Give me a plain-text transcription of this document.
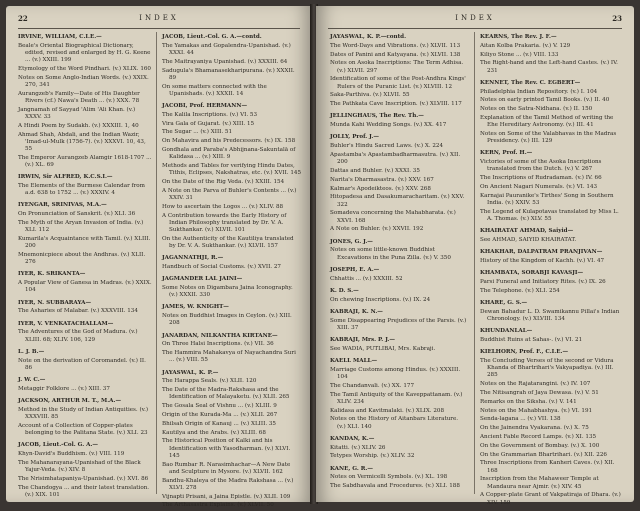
22	INDEX
IRVINE, WILLIAM, C.I.E.—
Beale's Oriental Biographical Dictionary, edited, revised and enlarged by H. G. Keene ... (v.) XXIII. 199
Etymology of the Word Pindhari. (v.) XLIX. 160
Notes on Some Anglo-Indian Words. (v.) XXIX. 270, 341
Aurangzeb's Family—Date of His Daughter Rivers (cf.) Nawa's Death ... (v.) XXX. 78
Jangnamah of Sayyad 'Alim 'Ali Khan. (v.) XXXV. 33
A Hindi Poem by Sudakh. (v.) XXXIII. 1, 40
Ahmad Shah, Abdali, and the Indian Wazir, 'Imad-ul-Mulk (1756-7). (v.) XXXVI. 10, 43, 55
The Emperor Aurangzeb Alamgir 1618-1707 ... (v.) XL. 69
IRWIN, Sir ALFRED, K.C.S.I.—
The Elements of the Burmese Calendar from a.d. 638 to 1752 ... (v.) XXXIV. 4
IYENGAR, SRINIVAS, M.A.—
On Pronunciation of Sanskrit. (v.) XLI. 36
The Myth of the Aryan Invasion of India. (v.) XLI. 112
Kumarila's Acquaintance with Tamil. (v.) XLIII. 200
Mnemonicpiece about the Andhras. (v.) XLII. 276
IYER, K. SRIKANTA—
A Popular View of Ganesa in Madras. (v.) XXIX. 104
IYER, N. SUBBARAYA—
The Asharies of Malabar. (v.) XXXVIII. 134
IYER, V. VENKATACHALLAM—
The Adventures of the God of Madura. (v.) XLIII. 68; XLIV. 106, 129
L. J. B.—
Note on the derivation of Coromandel. (v.) II. 86
J. W. C.—
Metaggir Folklore ... (v.) XIII. 37
JACKSON, ARTHUR M. T., M.A.—
Method in the Study of Indian Antiquities. (v.) XXXVIII. 85
Account of a Collection of Copper-plates belonging to the Palitana State. (v.) XLI. 23
JACOB, Lieut.-Col. G. A.—
Khyn-David's Buddhism. (v.) VIII. 119
The Mahanarayana-Upanishad of the Black Yajur-Veda. (v.) XIV. 8
The Nrisimhatapaniya-Upanishad. (v.) XVI. 86
The Chandogya ... and their latest translation. (v.) XIX. 101
JACOB, Lieut.-Col. G. A.—contd.
The Yamakas and Gopalendra-Upanishad. (v.) XXXI. 44
The Maitrayaniya Upanishad. (v.) XXXIII. 64
Sadugula's Bhamanasekharipurana. (v.) XXXII. 89
On some matters connected with the Upanishads. (v.) XXXII. 14
JACOBI, Prof. HERMANN—
The Kalila Inscriptions. (v.) VI. 53
Vira Gala of Gujarat. (v.) XIII. 15
The Sugar ... (v.) XIII. 51
On Mahavira and his Predecessors. (v.) IX. 158
Gondhala and Paraba's Abhijnana-Sakuntalā of Kalidasa ... (v.) XIII. 9
Methods and Tables for verifying Hindu Dates, Tithis, Eclipses, Nakshatras, etc. (v.) XVII. 145
On the Date of the Rig Veda. (v.) XXIII. 154
A Note on the Parva of Buhler's Contents ... (v.) XXIV. 31
How to ascertain the Logos ... (v.) XLIV. 88
A Contribution towards the Early History of Indian Philosophy translated by Dr. V. A. Sukthankar. (v.) XLVII. 101
On the Authenticity of the Kautiliya translated by Dr. V. A. Sukthankar. (v.) XLVII. 157
JAGANNATHJI, R.—
Handbuch of Social Customs. (v.) XVII. 27
JAGMANDER LAL JAINI—
Some Notes on Digambara Jaina Iconography. (v.) XXXII. 330
JAMES, W. KNIGHT—
Notes on Buddhist Images in Ceylon. (v.) XIII. 208
JANARDAN, NILKANTHA KIRTANE—
On Three Halsi Inscriptions. (v.) VII. 36
The Hammira Mahakavya of Nayachandra Suri ... (v.) VIII. 55
JAYASWAL, K. P.—
The Harappa Seals. (v.) XLII. 120
The Date of the Madra-Rakshasa and the Identification of Malayaketu. (v.) XLII. 265
The Gosala Seal of Vishnu ... (v.) XLIII. 9
Origin of the Kurada-Ma ... (v.) XLII. 267
Bhilsah Origin of Kanauj ... (v.) XLIII. 35
Kautilya and the Arabs. (v.) XLIII. 68
The Historical Position of Kalki and his Identification with Yasodharman. (v.) XLVI. 145
Bao Rumbar R. Narasimhachar—A New Date and Sculpture in Mysore. (v.) XLVII. 162
Bandhu-Khaleya of the Madra Rakshasa ... (v.) XLVI. 278
Vijnapti Prisani, a Jaina Epistle. (v.) XLII. 109
The Arthasastra Explains. (v.) XLVII. 50
INDEX	23
JAYASWAL, K. P.—contd.
The Word-Days and Vibrations. (v.) XLVII. 113
Dates of Panini and Katyayana. (v.) XLVII. 138
Notes on Asoka Inscriptions: The Term Adhisa. (v.) XLVII. 297
Identification of some of the Post-Andhra Kings' Rulers of the Puranic List. (v.) XLVIII. 12
Saka-Parthiva. (v.) XLVII. 55
The Pathkata Cave Inscription. (v.) XLVIII. 117
JELLINGHAUS, The Rev. Th.—
Munda Kahi Wedding Songs. (v.) XX. 417
JOLLY, Prof. J.—
Buhler's Hindu Sacred Laws. (v.) X. 224
Apastamba's Apastambadharmasutra. (v.) XII. 200
Dattas and Buhler. (v.) XXXI. 35
Narita's Dharmasastra. (v.) XXV. 167
Kalmar's Apodeikteos. (v.) XXV. 268
Hitopadesa and Dasakumaracharitam. (v.) XXV. 322
Somadeva concerning the Mahabharata. (v.) XXVI. 168
A Note on Buhler. (v.) XXVII. 192
JONES, G. J.—
Notes on some little-known Buddhist Excavations in the Puna Zilla. (v.) V. 350
JOSEPH, E. A.—
Chhattis ... (v.) XXXIII. 52
K. D. S.—
On chewing Inscriptions. (v.) IX. 24
KABRAJI, K. N.—
Some Disappearing Prejudices of the Parsis. (v.) XIII. 37
KABRAJI, Mrs. P. J.—
See WADIA, PUTLIBAI, Mrs. Kabraji.
KAELL MALL—
Marriage Customs among Hindus. (v.) XXXIII. 104
The Chandanvali. (v.) XX. 177
The Tamil Antiquity of the Kaveppattanam. (v.) XLIV. 234
Kalidasa and Kavitmalaki. (v.) XLIX. 208
Notes on the History of Aitanbars Literature. (v.) XLI. 140
KANDAN, K.—
Kitatti. (v.) XLIV. 26
Tetypes Worship. (v.) XLIV. 32
KANE, G. R.—
Notes on Vermicelli Symbols. (v.) XL. 198
The Sabdhavala and Frocedures. (v.) XLI. 188
KEARNS, The Rev. J. F.—
Aitan Kolba Prakaria. (v.) V. 129
Kiliyo Stone ... (v.) VIII. 133
The Right-hand and the Left-hand Castes. (v.) IV. 231
KENNET, The Rev. C. EGBERT—
Philadelphia Indian Repository. (v.) I. 104
Notes on early printed Tamil Books. (v.) II. 40
Notes on the Satra-Nidhana. (v.) II. 150
Explanation of the Tamil Method of writing the Ehe Hereditary Astronomy. (v.) III. 41
Notes on Some of the Valabhavas in the Madras Presidency. (v.) III. 129
KERN, Prof. H.—
Victories of some of the Asoka Inscriptions translated from the Dutch. (v.) V. 267
The Inscriptions of Rudradaman. (v.) IV. 66
On Ancient Nagari Numerals. (v.) VI. 143
Karnajai Pauranike's Tirthes' Song in Southern India. (v.) XXIV. 53
The Legend of Kulapotavas translated by Miss L. A. Thomas. (v.) XLV. 55
KHAIRATAT AHMAD, Saiyid—
See AHMAD, SAIYID KHAIRATAT.
KHAKHAR, DALPATRAM PRANJIVAN—
History of the Kingdom of Kachh. (v.) VI. 47
KHAMBATA, SORABJI KAVASJI—
Parsi Funeral and Initiatory Rites. (v.) IX. 26
The Telephone. (v.) XLI. 254
KHARE, G. S.—
Dewan Bahadur L. D. Swamikannu Pillai's Indian Chronology. (v.) XLVIII. 134
KHUNDANLAL—
Buddhist Ruins at Sahas-. (v.) VI. 21
KIELHORN, Prof. F., C.I.E.—
The Concluding Verses of the second or Vidura Khanda of Bhartrihari's Vakyapadiya. (v.) III. 285
Notes on the Rajatarangini. (v.) IV. 107
The Nitisangrah of Jaya Dewasa. (v.) V. 51
Remarks on the Siksha. (v.) V. 141
Notes on the Mahabhashya. (v.) VI. 191
Senda-lagana ... (v.) VII. 138
On the Jainendra Vyakarana. (v.) X. 75
Ancient Fable Record Lamps. (v.) XI. 135
On the Government of Bombay. (v.) X. 100
On the Grammarian Bhartrihari. (v.) XII. 226
Three Inscriptions from Kanheri Caves. (v.) XII. 168
Inscription from the Mahaweer Temple at Mandaura near Ajmir. (v.) XIV. 45
A Copper-plate Grant of Vakpatiraja of Dhara. (v.) XIV. 159
